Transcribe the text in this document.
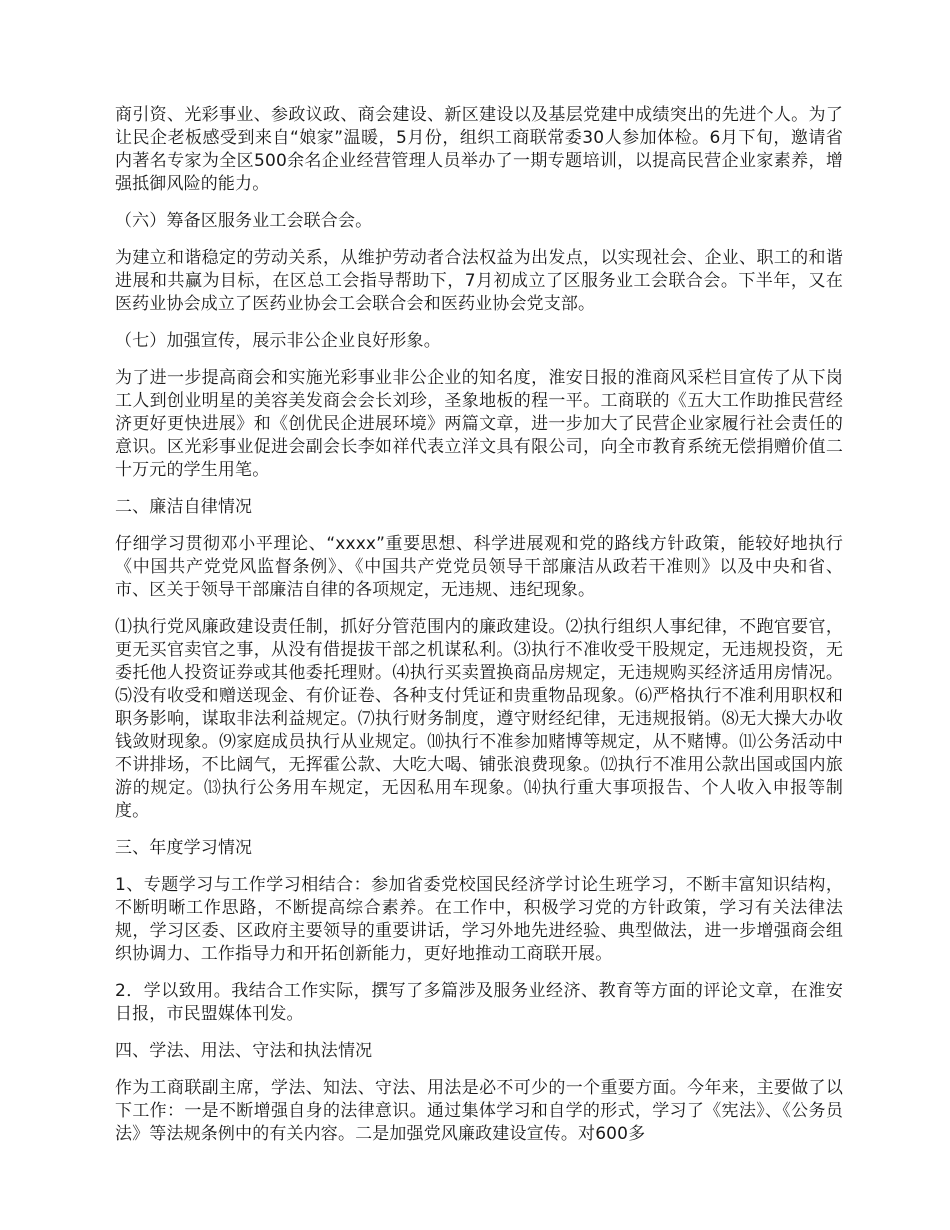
商引资、光彩事业、参政议政、商会建设、新区建设以及基层党建中成绩突出的先进个人。为了让民企老板感受到来自“娘家”温暖，5月份，组织工商联常委30人参加体检。6月下旬，邀请省内著名专家为全区500余名企业经营管理人员举办了一期专题培训，以提高民营企业家素养，增强抵御风险的能力。

（六）筹备区服务业工会联合会。

为建立和谐稳定的劳动关系，从维护劳动者合法权益为出发点，以实现社会、企业、职工的和谐进展和共赢为目标，在区总工会指导帮助下，7月初成立了区服务业工会联合会。下半年，又在医药业协会成立了医药业协会工会联合会和医药业协会党支部。

（七）加强宣传，展示非公企业良好形象。

为了进一步提高商会和实施光彩事业非公企业的知名度，淮安日报的淮商风采栏目宣传了从下岗工人到创业明星的美容美发商会会长刘珍，圣象地板的程一平。工商联的《五大工作助推民营经济更好更快进展》和《创优民企进展环境》两篇文章，进一步加大了民营企业家履行社会责任的意识。区光彩事业促进会副会长李如祥代表立洋文具有限公司，向全市教育系统无偿捐赠价值二十万元的学生用笔。

二、廉洁自律情况

仔细学习贯彻邓小平理论、“xxxx”重要思想、科学进展观和党的路线方针政策，能较好地执行《中国共产党党风监督条例》、《中国共产党党员领导干部廉洁从政若干准则》以及中央和省、市、区关于领导干部廉洁自律的各项规定，无违规、违纪现象。

⑴执行党风廉政建设责任制，抓好分管范围内的廉政建设。⑵执行组织人事纪律，不跑官要官，更无买官卖官之事，从没有借提拔干部之机谋私利。⑶执行不准收受干股规定，无违规投资，无委托他人投资证券或其他委托理财。⑷执行买卖置换商品房规定，无违规购买经济适用房情况。⑸没有收受和赠送现金、有价证卷、各种支付凭证和贵重物品现象。⑹严格执行不准利用职权和职务影响，谋取非法利益规定。⑺执行财务制度，遵守财经纪律，无违规报销。⑻无大操大办收钱敛财现象。⑼家庭成员执行从业规定。⑽执行不准参加赌博等规定，从不赌博。⑾公务活动中不讲排场，不比阔气，无挥霍公款、大吃大喝、铺张浪费现象。⑿执行不准用公款出国或国内旅游的规定。⒀执行公务用车规定，无因私用车现象。⒁执行重大事项报告、个人收入申报等制度。

三、年度学习情况

1、专题学习与工作学习相结合：参加省委党校国民经济学讨论生班学习，不断丰富知识结构，不断明晰工作思路，不断提高综合素养。在工作中，积极学习党的方针政策，学习有关法律法规，学习区委、区政府主要领导的重要讲话，学习外地先进经验、典型做法，进一步增强商会组织协调力、工作指导力和开拓创新能力，更好地推动工商联开展。

2．学以致用。我结合工作实际，撰写了多篇涉及服务业经济、教育等方面的评论文章，在淮安日报，市民盟媒体刊发。

四、学法、用法、守法和执法情况

作为工商联副主席，学法、知法、守法、用法是必不可少的一个重要方面。今年来，主要做了以下工作：一是不断增强自身的法律意识。通过集体学习和自学的形式，学习了《宪法》、《公务员法》等法规条例中的有关内容。二是加强党风廉政建设宣传。对600多
